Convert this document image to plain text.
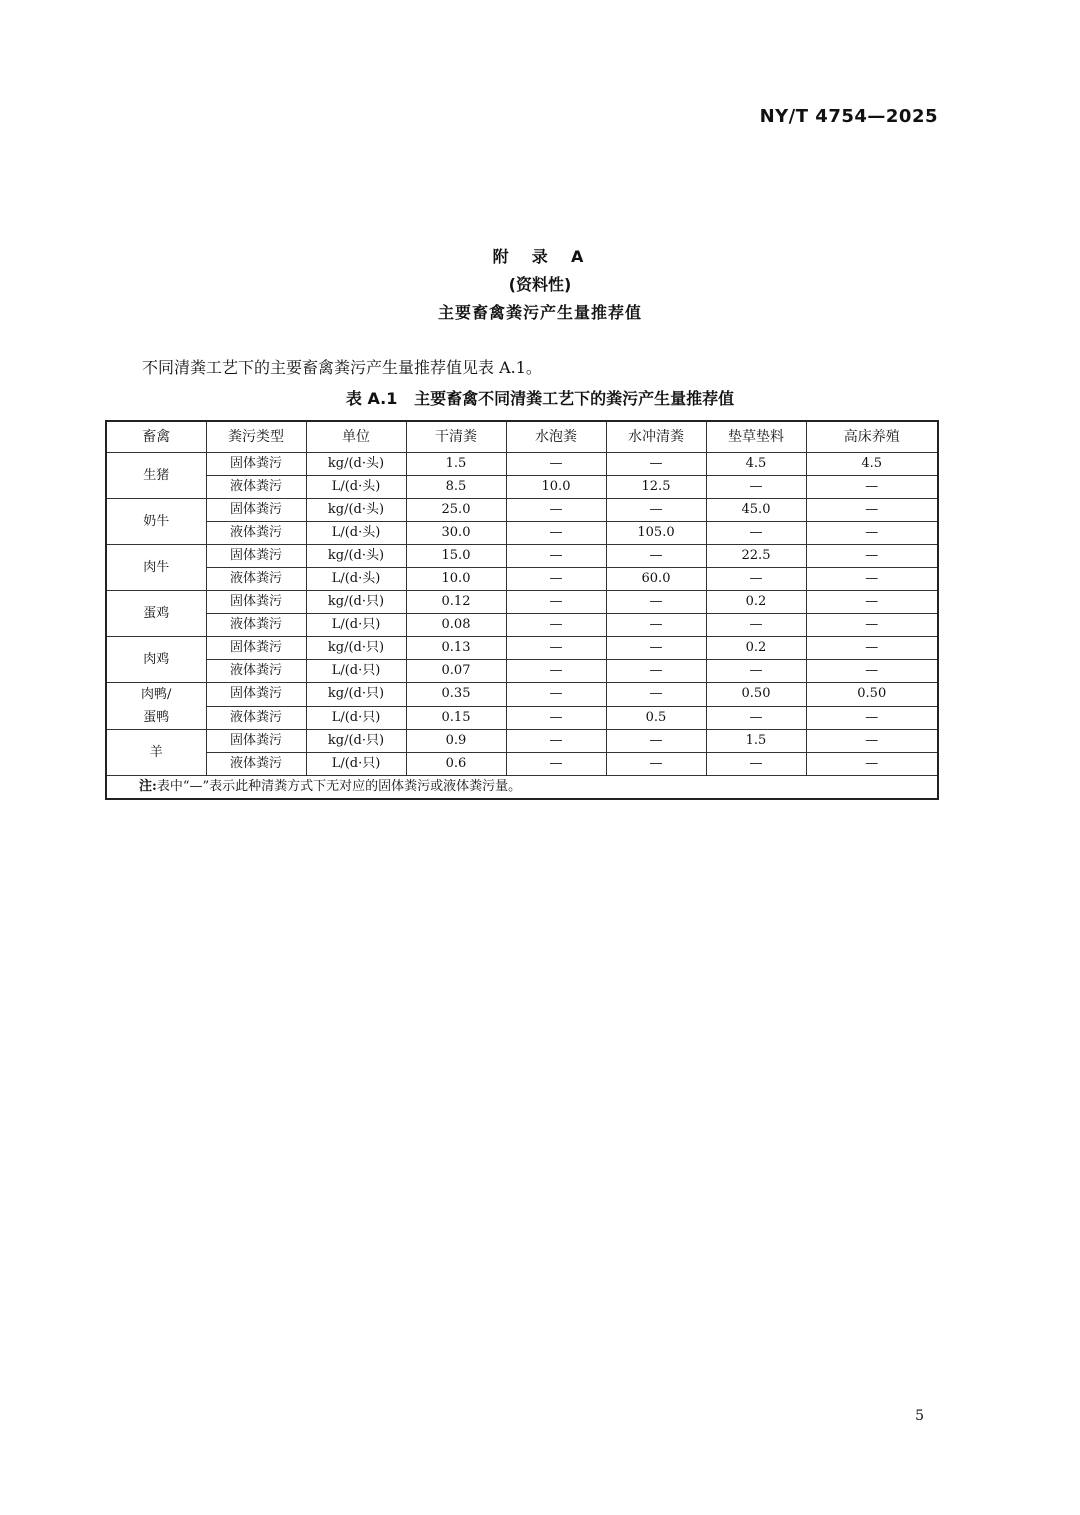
NY/T 4754—2025
附  录  A
(资料性)
主要畜禽粪污产生量推荐值
不同清粪工艺下的主要畜禽粪污产生量推荐值见表 A.1。
表 A.1   主要畜禽不同清粪工艺下的粪污产生量推荐值
畜禽	粪污类型	单位	干清粪	水泡粪	水冲清粪	垫草垫料	高床养殖
生猪	固体粪污	kg/(d·头)	1.5	—	—	4.5	4.5
	液体粪污	L/(d·头)	8.5	10.0	12.5	—	—
奶牛	固体粪污	kg/(d·头)	25.0	—	—	45.0	—
	液体粪污	L/(d·头)	30.0	—	105.0	—	—
肉牛	固体粪污	kg/(d·头)	15.0	—	—	22.5	—
	液体粪污	L/(d·头)	10.0	—	60.0	—	—
蛋鸡	固体粪污	kg/(d·只)	0.12	—	—	0.2	—
	液体粪污	L/(d·只)	0.08	—	—	—	—
肉鸡	固体粪污	kg/(d·只)	0.13	—	—	0.2	—
	液体粪污	L/(d·只)	0.07	—	—	—	—
肉鸭/
蛋鸭	固体粪污	kg/(d·只)	0.35	—	—	0.50	0.50
	液体粪污	L/(d·只)	0.15	—	0.5	—	—
羊	固体粪污	kg/(d·只)	0.9	—	—	1.5	—
	液体粪污	L/(d·只)	0.6	—	—	—	—
注:表中“—”表示此种清粪方式下无对应的固体粪污或液体粪污量。							
5
